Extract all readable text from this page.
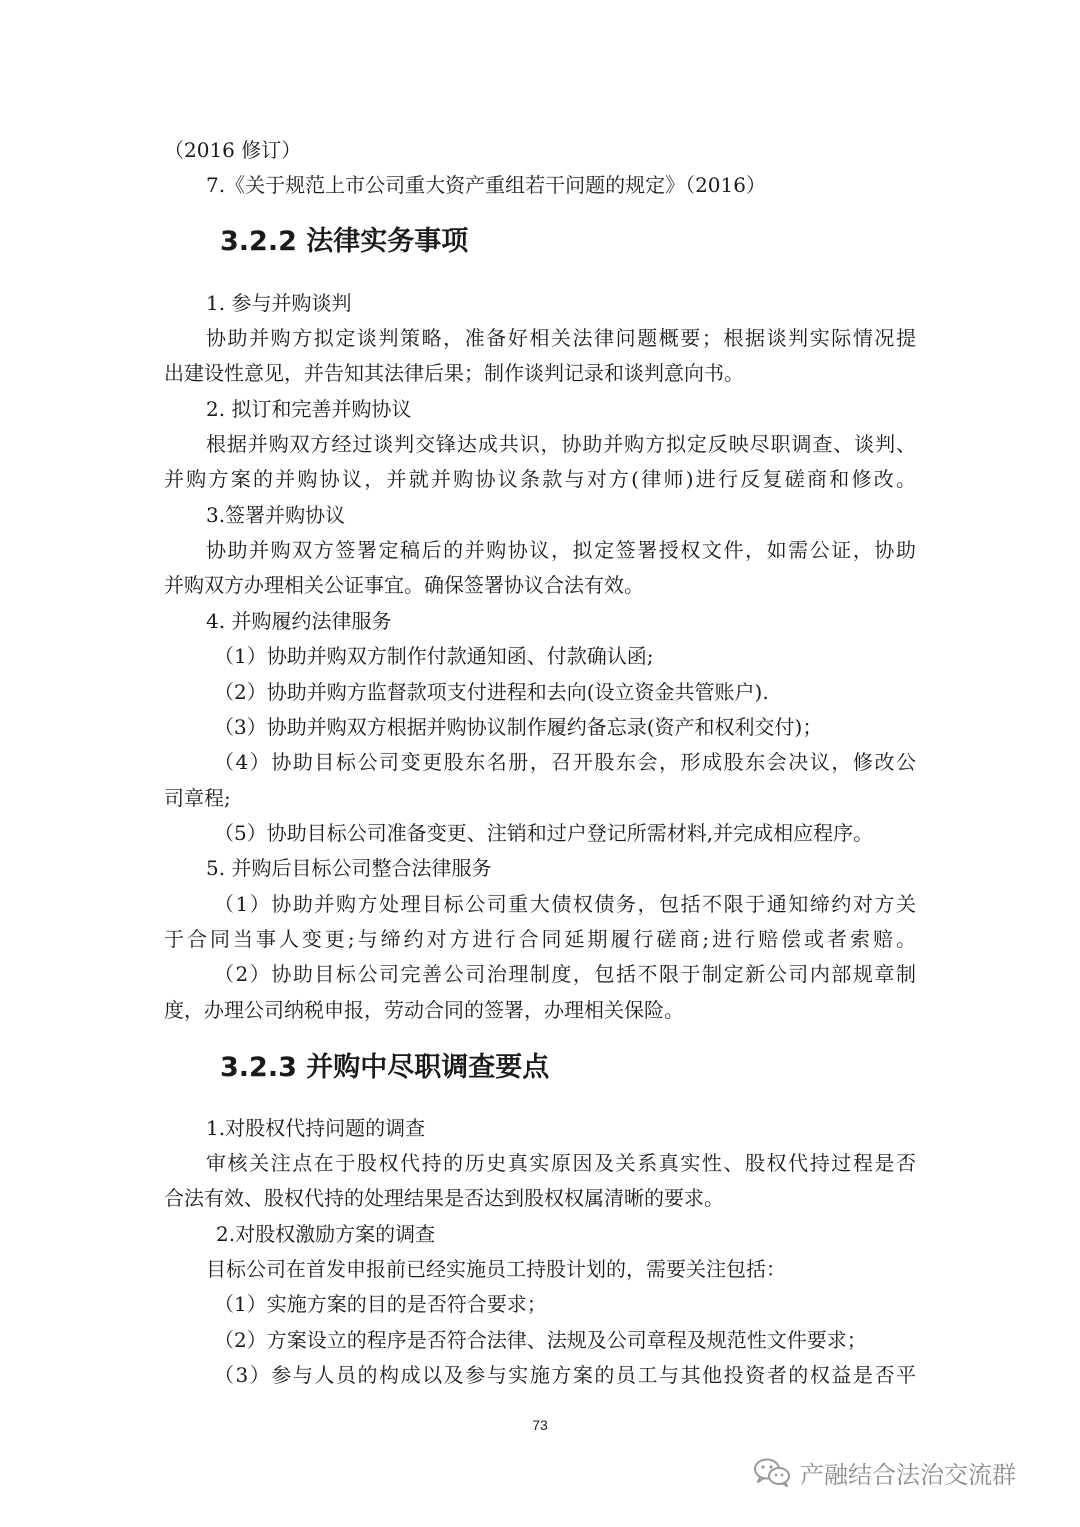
（2016 修订）
7.《关于规范上市公司重大资产重组若干问题的规定》（2016）
3.2.2 法律实务事项
1. 参与并购谈判
协助并购方拟定谈判策略，准备好相关法律问题概要；根据谈判实际情况提
出建设性意见，并告知其法律后果；制作谈判记录和谈判意向书。
2. 拟订和完善并购协议
根据并购双方经过谈判交锋达成共识，协助并购方拟定反映尽职调查、谈判、
并购方案的并购协议，并就并购协议条款与对方(律师)进行反复磋商和修改。
3.签署并购协议
协助并购双方签署定稿后的并购协议，拟定签署授权文件，如需公证，协助
并购双方办理相关公证事宜。确保签署协议合法有效。
4. 并购履约法律服务
（1）协助并购双方制作付款通知函、付款确认函;
（2）协助并购方监督款项支付进程和去向(设立资金共管账户).
（3）协助并购双方根据并购协议制作履约备忘录(资产和权利交付)；
（4）协助目标公司变更股东名册，召开股东会，形成股东会决议，修改公
司章程;
（5）协助目标公司准备变更、注销和过户登记所需材料,并完成相应程序。
5. 并购后目标公司整合法律服务
（1）协助并购方处理目标公司重大债权债务，包括不限于通知缔约对方关
于合同当事人变更;与缔约对方进行合同延期履行磋商;进行赔偿或者索赔。
（2）协助目标公司完善公司治理制度，包括不限于制定新公司内部规章制
度，办理公司纳税申报，劳动合同的签署，办理相关保险。
3.2.3 并购中尽职调查要点
1.对股权代持问题的调查
审核关注点在于股权代持的历史真实原因及关系真实性、股权代持过程是否
合法有效、股权代持的处理结果是否达到股权权属清晰的要求。
2.对股权激励方案的调查
目标公司在首发申报前已经实施员工持股计划的，需要关注包括：
（1）实施方案的目的是否符合要求；
（2）方案设立的程序是否符合法律、法规及公司章程及规范性文件要求；
（3）参与人员的构成以及参与实施方案的员工与其他投资者的权益是否平
73
产融结合法治交流群
